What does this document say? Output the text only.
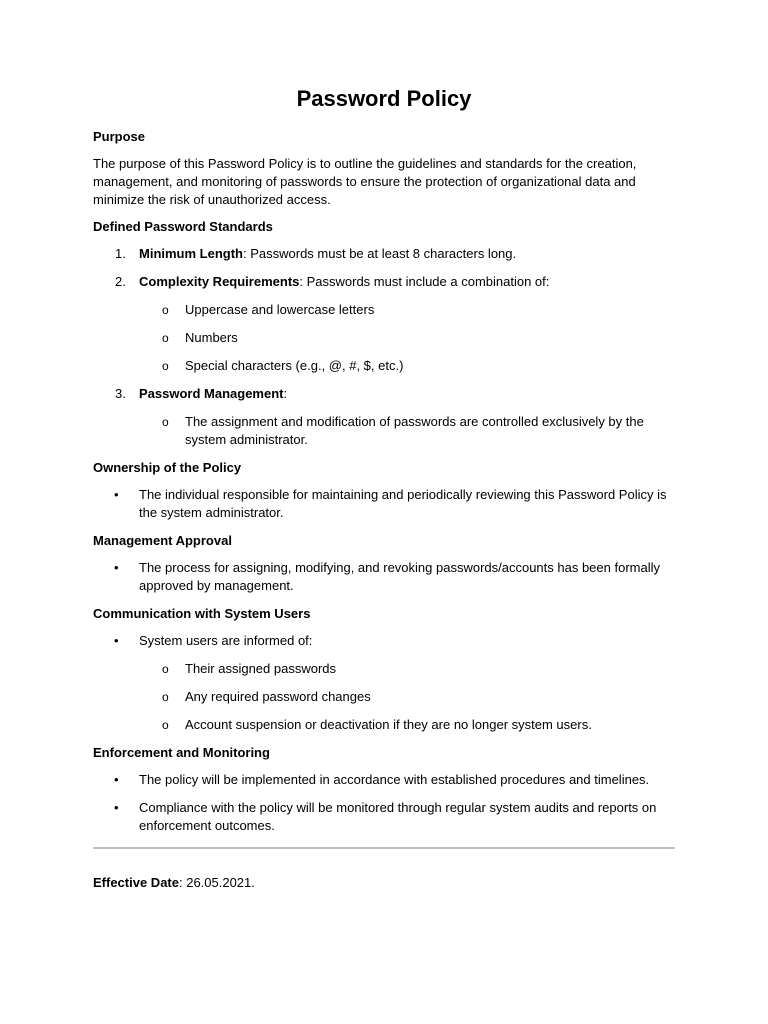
Password Policy
Purpose
The purpose of this Password Policy is to outline the guidelines and standards for the creation, management, and monitoring of passwords to ensure the protection of organizational data and minimize the risk of unauthorized access.
Defined Password Standards
1. Minimum Length: Passwords must be at least 8 characters long.
2. Complexity Requirements: Passwords must include a combination of:
o Uppercase and lowercase letters
o Numbers
o Special characters (e.g., @, #, $, etc.)
3. Password Management:
o The assignment and modification of passwords are controlled exclusively by the system administrator.
Ownership of the Policy
• The individual responsible for maintaining and periodically reviewing this Password Policy is the system administrator.
Management Approval
• The process for assigning, modifying, and revoking passwords/accounts has been formally approved by management.
Communication with System Users
• System users are informed of:
o Their assigned passwords
o Any required password changes
o Account suspension or deactivation if they are no longer system users.
Enforcement and Monitoring
• The policy will be implemented in accordance with established procedures and timelines.
• Compliance with the policy will be monitored through regular system audits and reports on enforcement outcomes.
Effective Date: 26.05.2021.
